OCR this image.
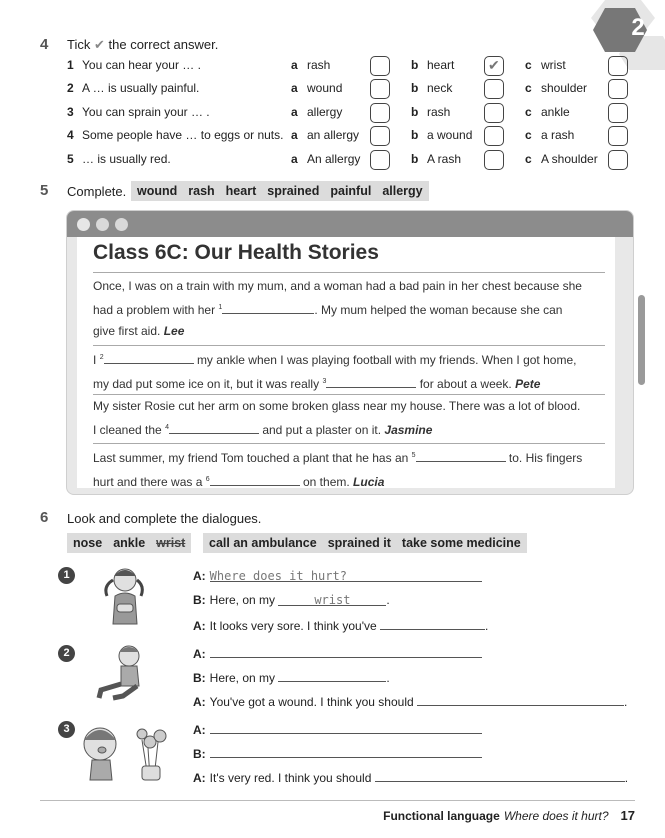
2
4 Tick ✔ the correct answer.
1 You can hear your … .	a rash	b heart
✔	c wrist
2 A … is usually painful.	a wound	b neck	c shoulder
3 You can sprain your … .	a allergy	b rash	c ankle
4 Some people have … to eggs or nuts. a an allergy	b a wound	c a rash
5 … is usually red.	a An allergy	b A rash	c A shoulder
5 Complete. wound rash heart sprained painful allergy
Class 6C: Our Health Stories
Once, I was on a train with my mum, and a woman had a bad pain in her chest because she
had a problem with her $^1$	. My mum helped the woman because she can
give first aid. Lee
I $^2$	my ankle when I was playing football with my friends. When I got home,
my dad put some ice on it, but it was really $^3$	for about a week. Pete
My sister Rosie cut her arm on some broken glass near my house. There was a lot of blood.
I cleaned the $^4$	and put a plaster on it. Jasmine
Last summer, my friend Tom touched a plant that he has an $^5$	to. His fingers
hurt and there was a $^6$	on them. Lucia
6 Look and complete the dialogues.
nose ankle wrist	call an ambulance sprained it take some medicine
1	A: Where does it hurt?
B: Here, on my	wrist	.
A: It looks very sore. I think you've	.
2	A:
B: Here, on my	.
A: You've got a wound. I think you should	.
3	A:
B:
A: It's very red. I think you should	.
Functional language Where does it hurt? 17
